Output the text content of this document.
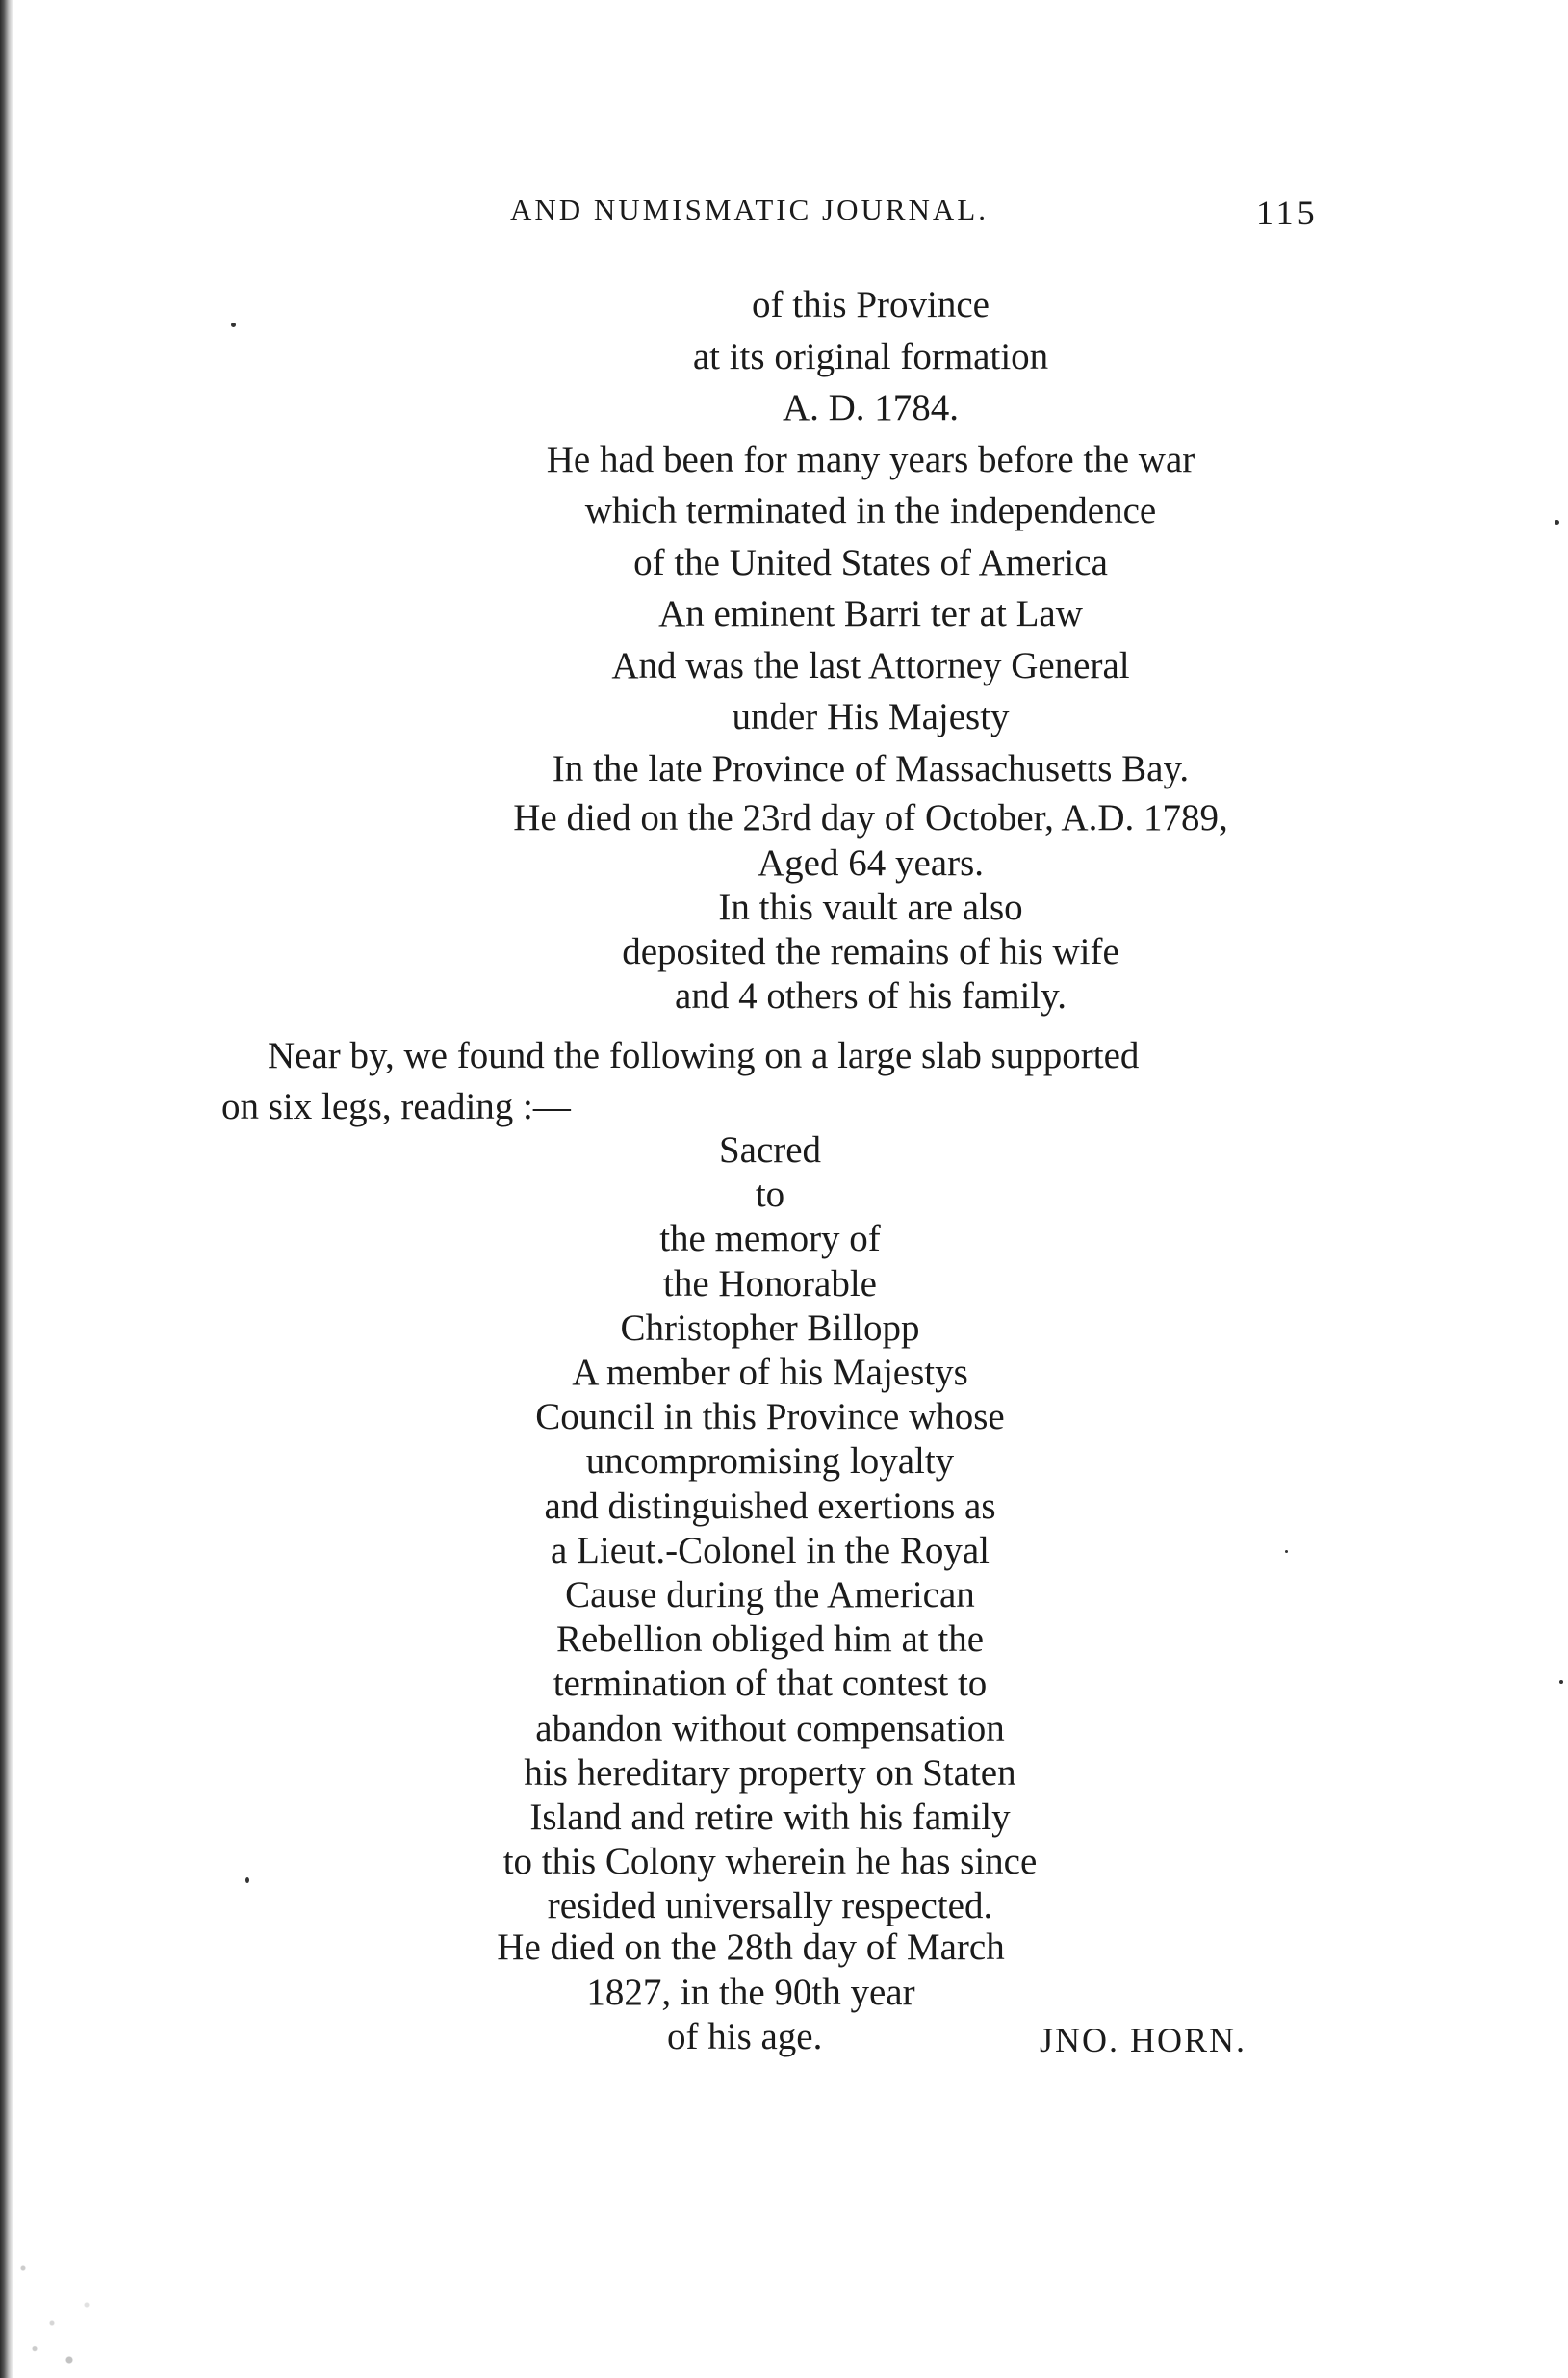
AND NUMISMATIC JOURNAL.	115
of this Province
at its original formation
A. D. 1784.
He had been for many years before the war
which terminated in the independence
of the United States of America
An eminent Barri ter at Law
And was the last Attorney General
under His Majesty
In the late Province of Massachusetts Bay.
He died on the 23rd day of October, A.D. 1789,
Aged 64 years.
In this vault are also
deposited the remains of his wife
and 4 others of his family.
Near by, we found the following on a large slab supported
on six legs, reading :—
Sacred
to
the memory of
the Honorable
Christopher Billopp
A member of his Majestys
Council in this Province whose
uncompromising loyalty
and distinguished exertions as
a Lieut.-Colonel in the Royal
Cause during the American
Rebellion obliged him at the
termination of that contest to
abandon without compensation
his hereditary property on Staten
Island and retire with his family
to this Colony wherein he has since
resided universally respected.
He died on the 28th day of March
1827, in the 90th year
of his age.	JNO. HORN.
